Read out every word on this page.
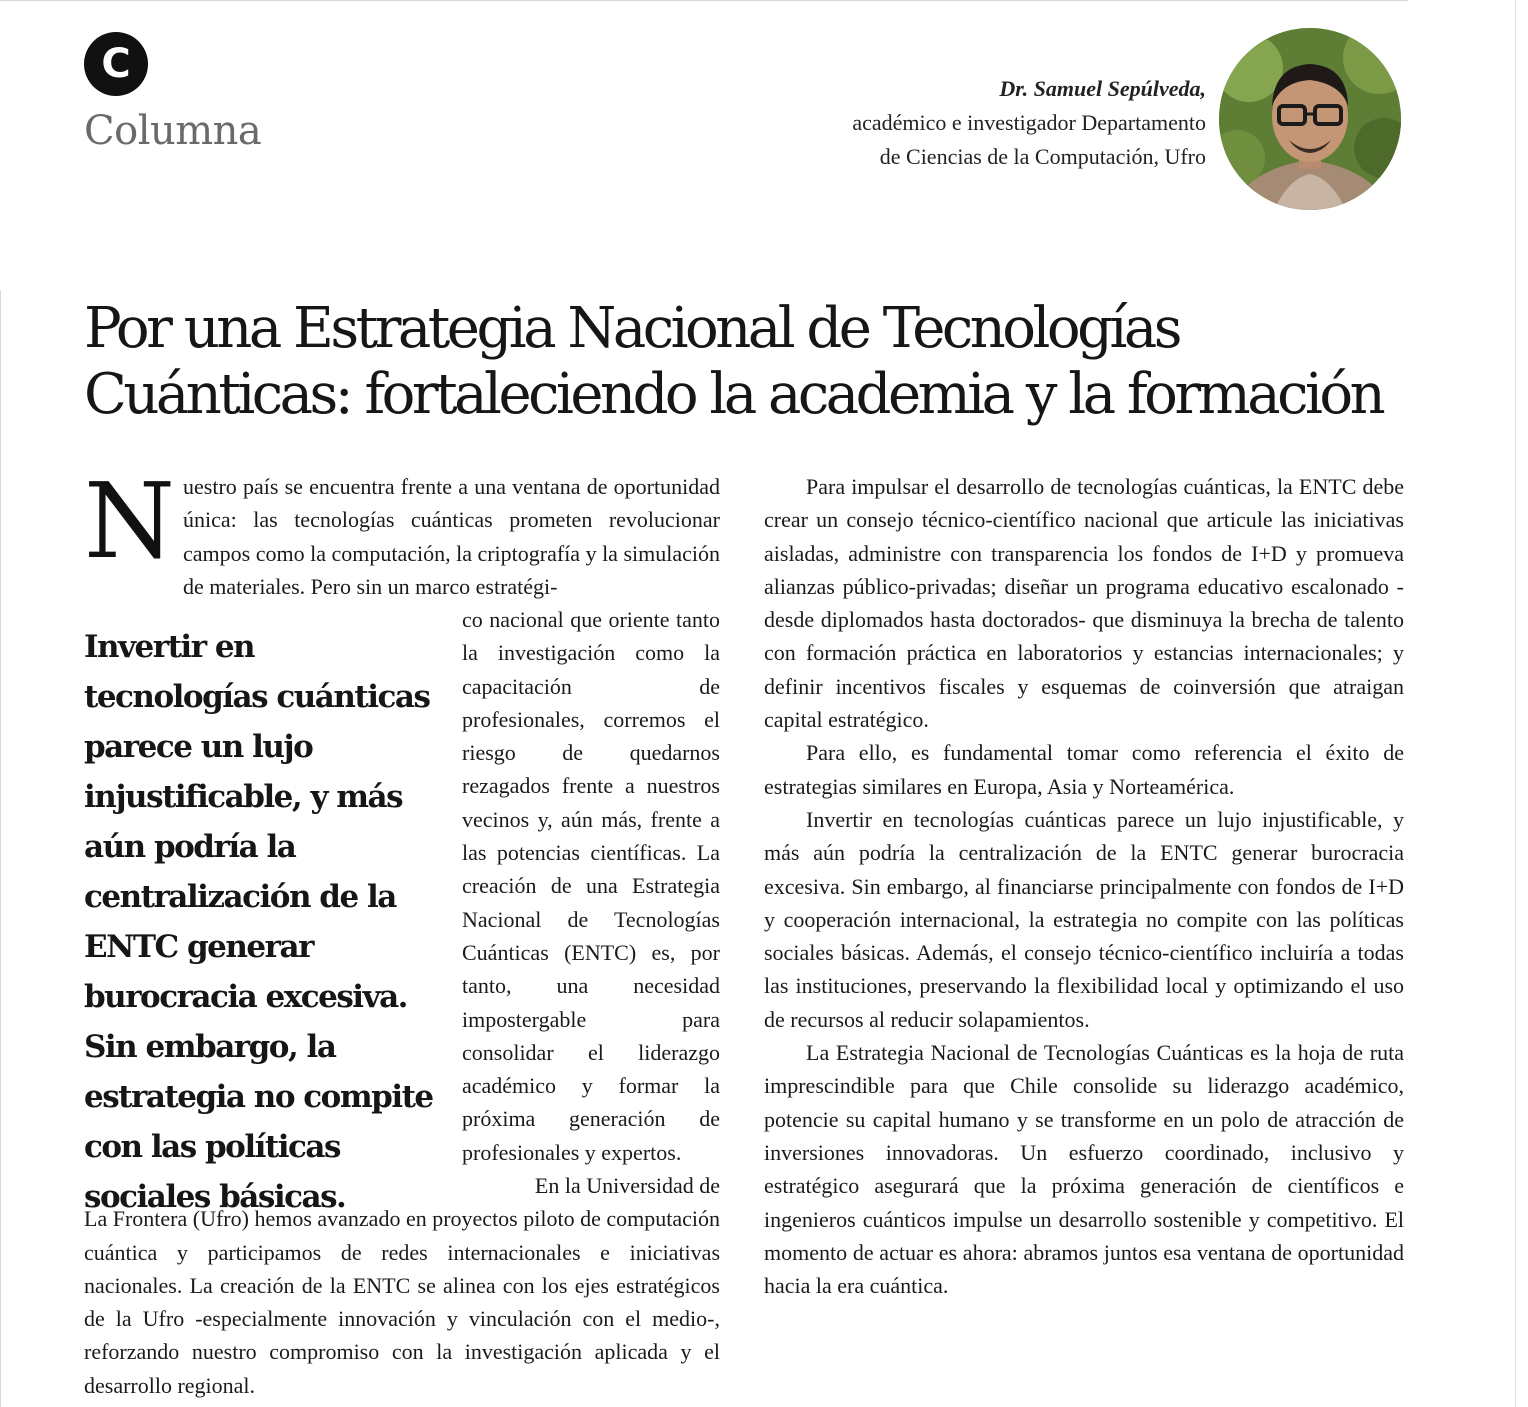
C
Columna
Dr. Samuel Sepúlveda,
académico e investigador Departamento
de Ciencias de la Computación, Ufro
Por una Estrategia Nacional de Tecnologías
Cuánticas: fortaleciendo la academia y la formación
N uestro país se encuentra frente a una ventana de oportunidad única: las tecnologías cuánticas prometen revolucionar campos como la computación, la criptografía y la simulación de materiales. Pero sin un marco estratégi-

Invertir en tecnologías cuánticas parece un lujo injustificable, y más aún podría la centralización de la ENTC generar burocracia excesiva. Sin embargo, la estrategia no compite con las políticas sociales básicas.

co nacional que oriente tanto la investigación como la capacitación de profesionales, corremos el riesgo de quedarnos rezagados frente a nuestros vecinos y, aún más, frente a las potencias científicas. La creación de una Estrategia Nacional de Tecnologías Cuánticas (ENTC) es, por tanto, una necesidad impostergable para consolidar el liderazgo académico y formar la próxima generación de profesionales y expertos.

En la Universidad de
La Frontera (Ufro) hemos avanzado en proyectos piloto de computación cuántica y participamos de redes internacionales e iniciativas nacionales. La creación de la ENTC se alinea con los ejes estratégicos de la Ufro -especialmente innovación y vinculación con el medio-, reforzando nuestro compromiso con la investigación aplicada y el desarrollo regional.

Para impulsar el desarrollo de tecnologías cuánticas, la ENTC debe crear un consejo técnico-científico nacional que articule las iniciativas aisladas, administre con transparencia los fondos de I+D y promueva alianzas público-privadas; diseñar un programa educativo escalonado -desde diplomados hasta doctorados- que disminuya la brecha de talento con formación práctica en laboratorios y estancias internacionales; y definir incentivos fiscales y esquemas de coinversión que atraigan capital estratégico.

Para ello, es fundamental tomar como referencia el éxito de estrategias similares en Europa, Asia y Norteamérica.

Invertir en tecnologías cuánticas parece un lujo injustificable, y más aún podría la centralización de la ENTC generar burocracia excesiva. Sin embargo, al financiarse principalmente con fondos de I+D y cooperación internacional, la estrategia no compite con las políticas sociales básicas. Además, el consejo técnico-científico incluiría a todas las instituciones, preservando la flexibilidad local y optimizando el uso de recursos al reducir solapamientos.

La Estrategia Nacional de Tecnologías Cuánticas es la hoja de ruta imprescindible para que Chile consolide su liderazgo académico, potencie su capital humano y se transforme en un polo de atracción de inversiones innovadoras. Un esfuerzo coordinado, inclusivo y estratégico asegurará que la próxima generación de científicos e ingenieros cuánticos impulse un desarrollo sostenible y competitivo. El momento de actuar es ahora: abramos juntos esa ventana de oportunidad hacia la era cuántica.
